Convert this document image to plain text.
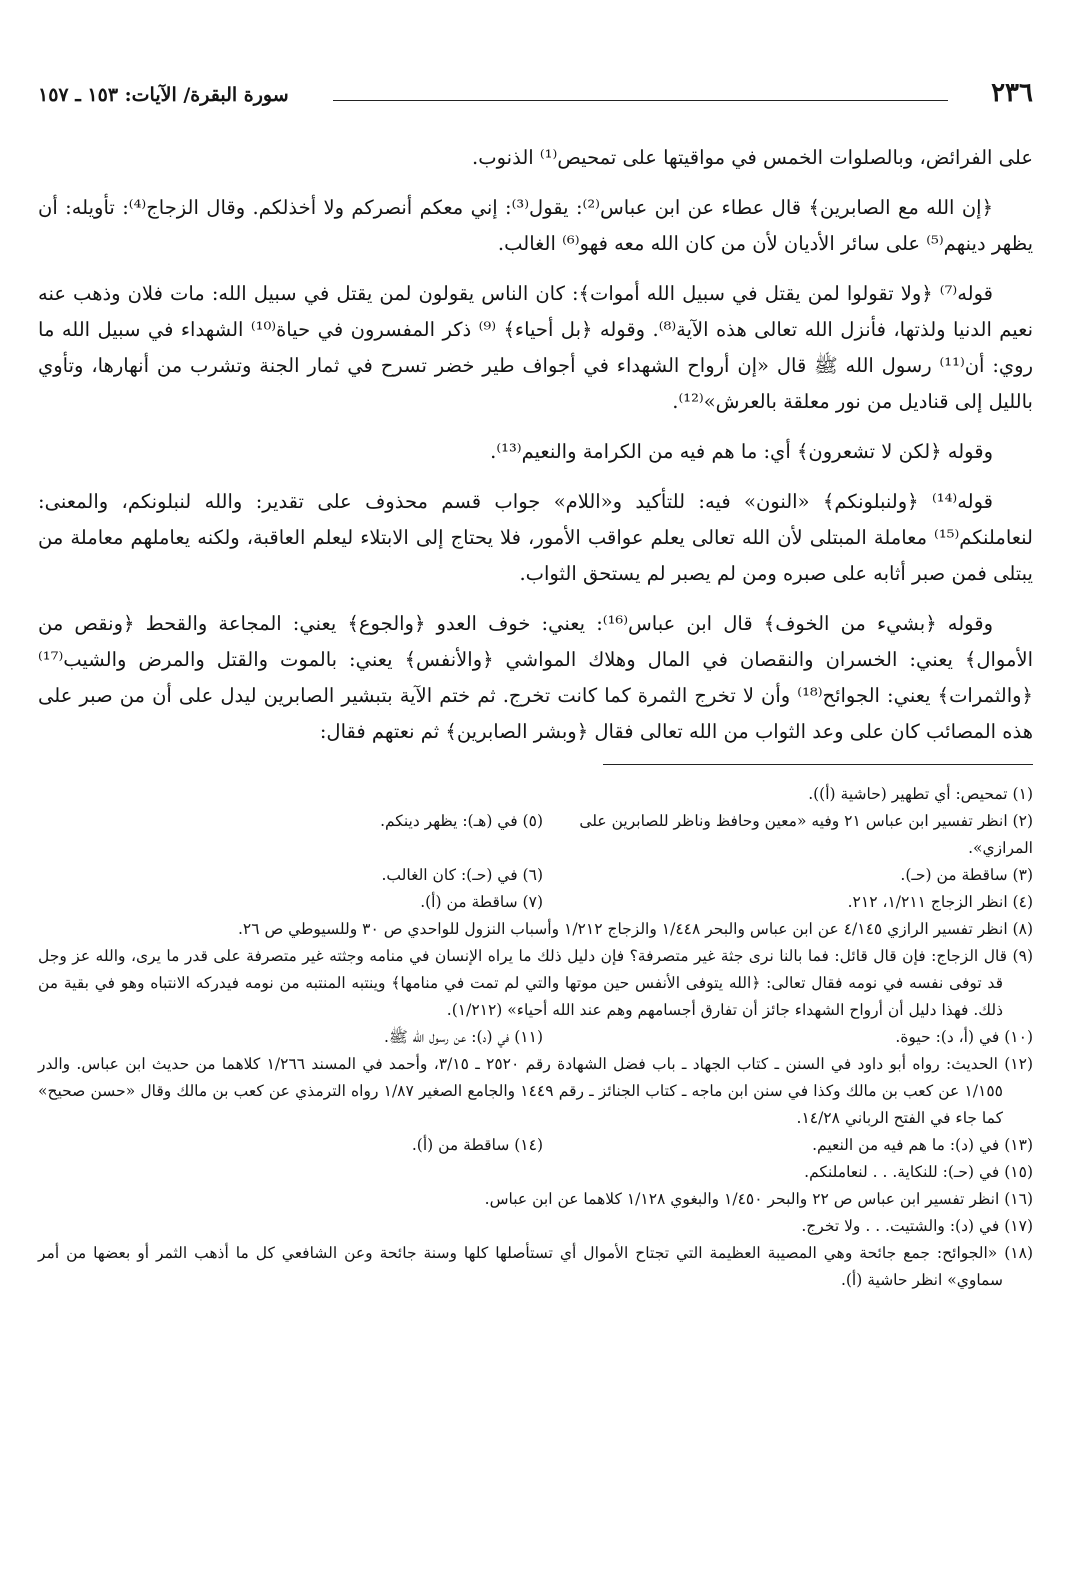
٢٣٦
سورة البقرة/ الآيات: ١٥٣ ـ ١٥٧

على الفرائض، وبالصلوات الخمس في مواقيتها على تمحيص⁽¹⁾ الذنوب.

﴿إن الله مع الصابرين﴾ قال عطاء عن ابن عباس⁽²⁾: يقول⁽³⁾: إني معكم أنصركم ولا أخذلكم. وقال الزجاج⁽⁴⁾: تأويله: أن يظهر دينهم⁽⁵⁾ على سائر الأديان لأن من كان الله معه فهو⁽⁶⁾ الغالب.

قوله⁽⁷⁾ ﴿ولا تقولوا لمن يقتل في سبيل الله أموات﴾: كان الناس يقولون لمن يقتل في سبيل الله: مات فلان وذهب عنه نعيم الدنيا ولذتها، فأنزل الله تعالى هذه الآية⁽⁸⁾. وقوله ﴿بل أحياء﴾ ⁽⁹⁾ ذكر المفسرون في حياة⁽¹⁰⁾ الشهداء في سبيل الله ما روي: أن⁽¹¹⁾ رسول الله ﷺ قال «إن أرواح الشهداء في أجواف طير خضر تسرح في ثمار الجنة وتشرب من أنهارها، وتأوي بالليل إلى قناديل من نور معلقة بالعرش»⁽¹²⁾.

وقوله ﴿لكن لا تشعرون﴾ أي: ما هم فيه من الكرامة والنعيم⁽¹³⁾.

قوله⁽¹⁴⁾ ﴿ولنبلونكم﴾ «النون» فيه: للتأكيد و«اللام» جواب قسم محذوف على تقدير: والله لنبلونكم، والمعنى: لنعاملنكم⁽¹⁵⁾ معاملة المبتلى لأن الله تعالى يعلم عواقب الأمور، فلا يحتاج إلى الابتلاء ليعلم العاقبة، ولكنه يعاملهم معاملة من يبتلى فمن صبر أثابه على صبره ومن لم يصبر لم يستحق الثواب.

وقوله ﴿بشيء من الخوف﴾ قال ابن عباس⁽¹⁶⁾: يعني: خوف العدو ﴿والجوع﴾ يعني: المجاعة والقحط ﴿ونقص من الأموال﴾ يعني: الخسران والنقصان في المال وهلاك المواشي ﴿والأنفس﴾ يعني: بالموت والقتل والمرض والشيب⁽¹⁷⁾ ﴿والثمرات﴾ يعني: الجوائح⁽¹⁸⁾ وأن لا تخرج الثمرة كما كانت تخرج. ثم ختم الآية بتبشير الصابرين ليدل على أن من صبر على هذه المصائب كان على وعد الثواب من الله تعالى فقال ﴿وبشر الصابرين﴾ ثم نعتهم فقال:

(١) تمحيص: أي تطهير (حاشية (أ)).
(٢) انظر تفسير ابن عباس ٢١ وفيه «معين وحافظ وناظر للصابرين على المرازي».
(٥) في (هـ): يظهر دينكم.
(٣) ساقطة من (حـ).
(٦) في (حـ): كان الغالب.
(٤) انظر الزجاج ١/٢١١، ٢١٢.
(٧) ساقطة من (أ).
(٨) انظر تفسير الرازي ٤/١٤٥ عن ابن عباس والبحر ١/٤٤٨ والزجاج ١/٢١٢ وأسباب النزول للواحدي ص ٣٠ وللسيوطي ص ٢٦.
(٩) قال الزجاج: فإن قال قائل: فما بالنا نرى جثة غير متصرفة؟ فإن دليل ذلك ما يراه الإنسان في منامه وجثته غير متصرفة على قدر ما يرى، والله عز وجل قد توفى نفسه في نومه فقال تعالى: ﴿الله يتوفى الأنفس حين موتها والتي لم تمت في منامها﴾ وينتبه المنتبه من نومه فيدركه الانتباه وهو في بقية من ذلك. فهذا دليل أن أرواح الشهداء جائز أن تفارق أجسامهم وهم عند الله أحياء» (١/٢١٢).
(١٠) في (أ، د): حيوة.
(١١) في (د): عن رسول الله ﷺ.
(١٢) الحديث: رواه أبو داود في السنن ـ كتاب الجهاد ـ باب فضل الشهادة رقم ٢٥٢٠ ـ ٣/١٥، وأحمد في المسند ١/٢٦٦ كلاهما من حديث ابن عباس. والدر ١/١٥٥ عن كعب بن مالك وكذا في سنن ابن ماجه ـ كتاب الجنائز ـ رقم ١٤٤٩ والجامع الصغير ١/٨٧ رواه الترمذي عن كعب بن مالك وقال «حسن صحيح» كما جاء في الفتح الرباني ١٤/٢٨.
(١٣) في (د): ما هم فيه من النعيم.
(١٤) ساقطة من (أ).
(١٥) في (حـ): للنكاية. . . لنعاملنكم.
(١٦) انظر تفسير ابن عباس ص ٢٢ والبحر ١/٤٥٠ والبغوي ١/١٢٨ كلاهما عن ابن عباس.
(١٧) في (د): والشتيت. . . ولا تخرج.
(١٨) «الجوائح: جمع جائحة وهي المصيبة العظيمة التي تجتاح الأموال أي تستأصلها كلها وسنة جائحة وعن الشافعي كل ما أذهب الثمر أو بعضها من أمر سماوي» انظر حاشية (أ).
